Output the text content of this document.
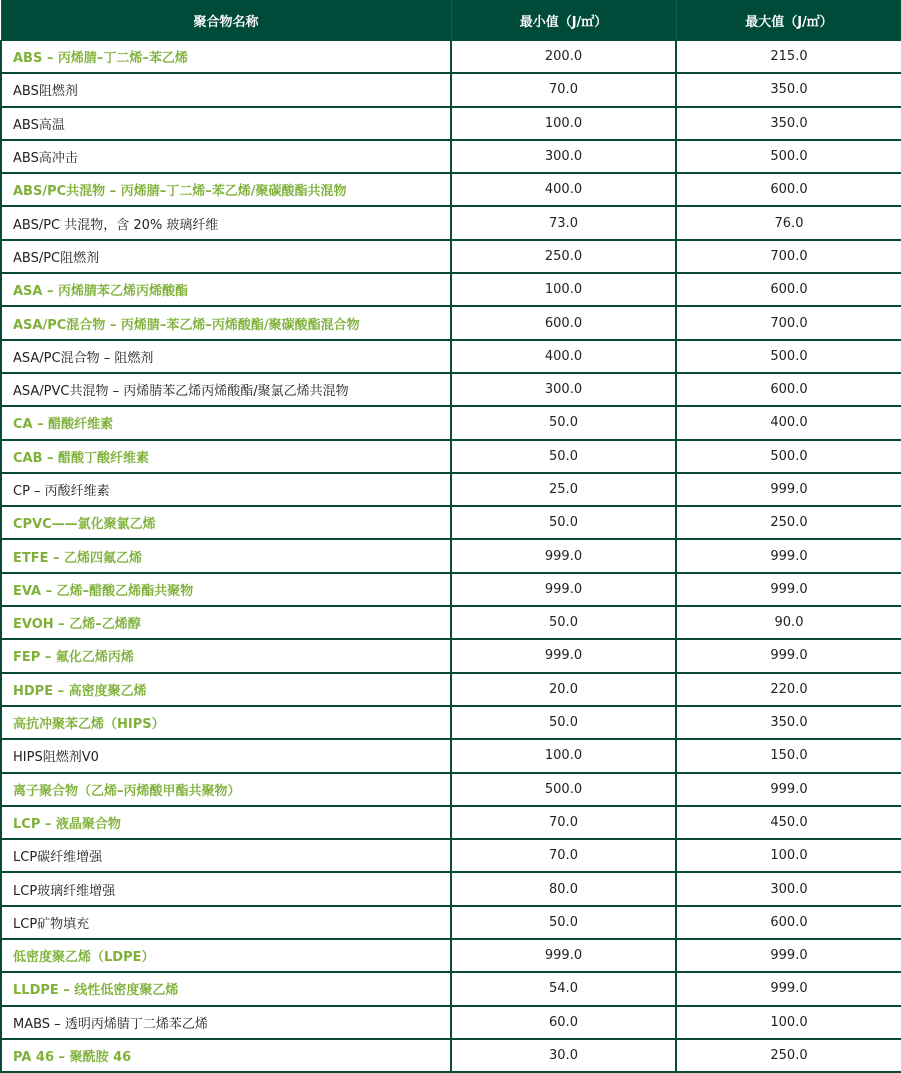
聚合物名称	最小值（J/㎡）	最大值（J/㎡）
ABS – 丙烯腈–丁二烯–苯乙烯	200.0	215.0
ABS阻燃剂	70.0	350.0
ABS高温	100.0	350.0
ABS高冲击	300.0	500.0
ABS/PC共混物 – 丙烯腈–丁二烯–苯乙烯/聚碳酸酯共混物	400.0	600.0
ABS/PC 共混物，含 20% 玻璃纤维	73.0	76.0
ABS/PC阻燃剂	250.0	700.0
ASA – 丙烯腈苯乙烯丙烯酸酯	100.0	600.0
ASA/PC混合物 – 丙烯腈–苯乙烯–丙烯酸酯/聚碳酸酯混合物	600.0	700.0
ASA/PC混合物 – 阻燃剂	400.0	500.0
ASA/PVC共混物 – 丙烯腈苯乙烯丙烯酸酯/聚氯乙烯共混物	300.0	600.0
CA – 醋酸纤维素	50.0	400.0
CAB – 醋酸丁酸纤维素	50.0	500.0
CP – 丙酸纤维素	25.0	999.0
CPVC——氯化聚氯乙烯	50.0	250.0
ETFE – 乙烯四氟乙烯	999.0	999.0
EVA – 乙烯–醋酸乙烯酯共聚物	999.0	999.0
EVOH – 乙烯–乙烯醇	50.0	90.0
FEP – 氟化乙烯丙烯	999.0	999.0
HDPE – 高密度聚乙烯	20.0	220.0
高抗冲聚苯乙烯（HIPS）	50.0	350.0
HIPS阻燃剂V0	100.0	150.0
离子聚合物（乙烯–丙烯酸甲酯共聚物）	500.0	999.0
LCP – 液晶聚合物	70.0	450.0
LCP碳纤维增强	70.0	100.0
LCP玻璃纤维增强	80.0	300.0
LCP矿物填充	50.0	600.0
低密度聚乙烯（LDPE）	999.0	999.0
LLDPE – 线性低密度聚乙烯	54.0	999.0
MABS – 透明丙烯腈丁二烯苯乙烯	60.0	100.0
PA 46 – 聚酰胺 46	30.0	250.0
